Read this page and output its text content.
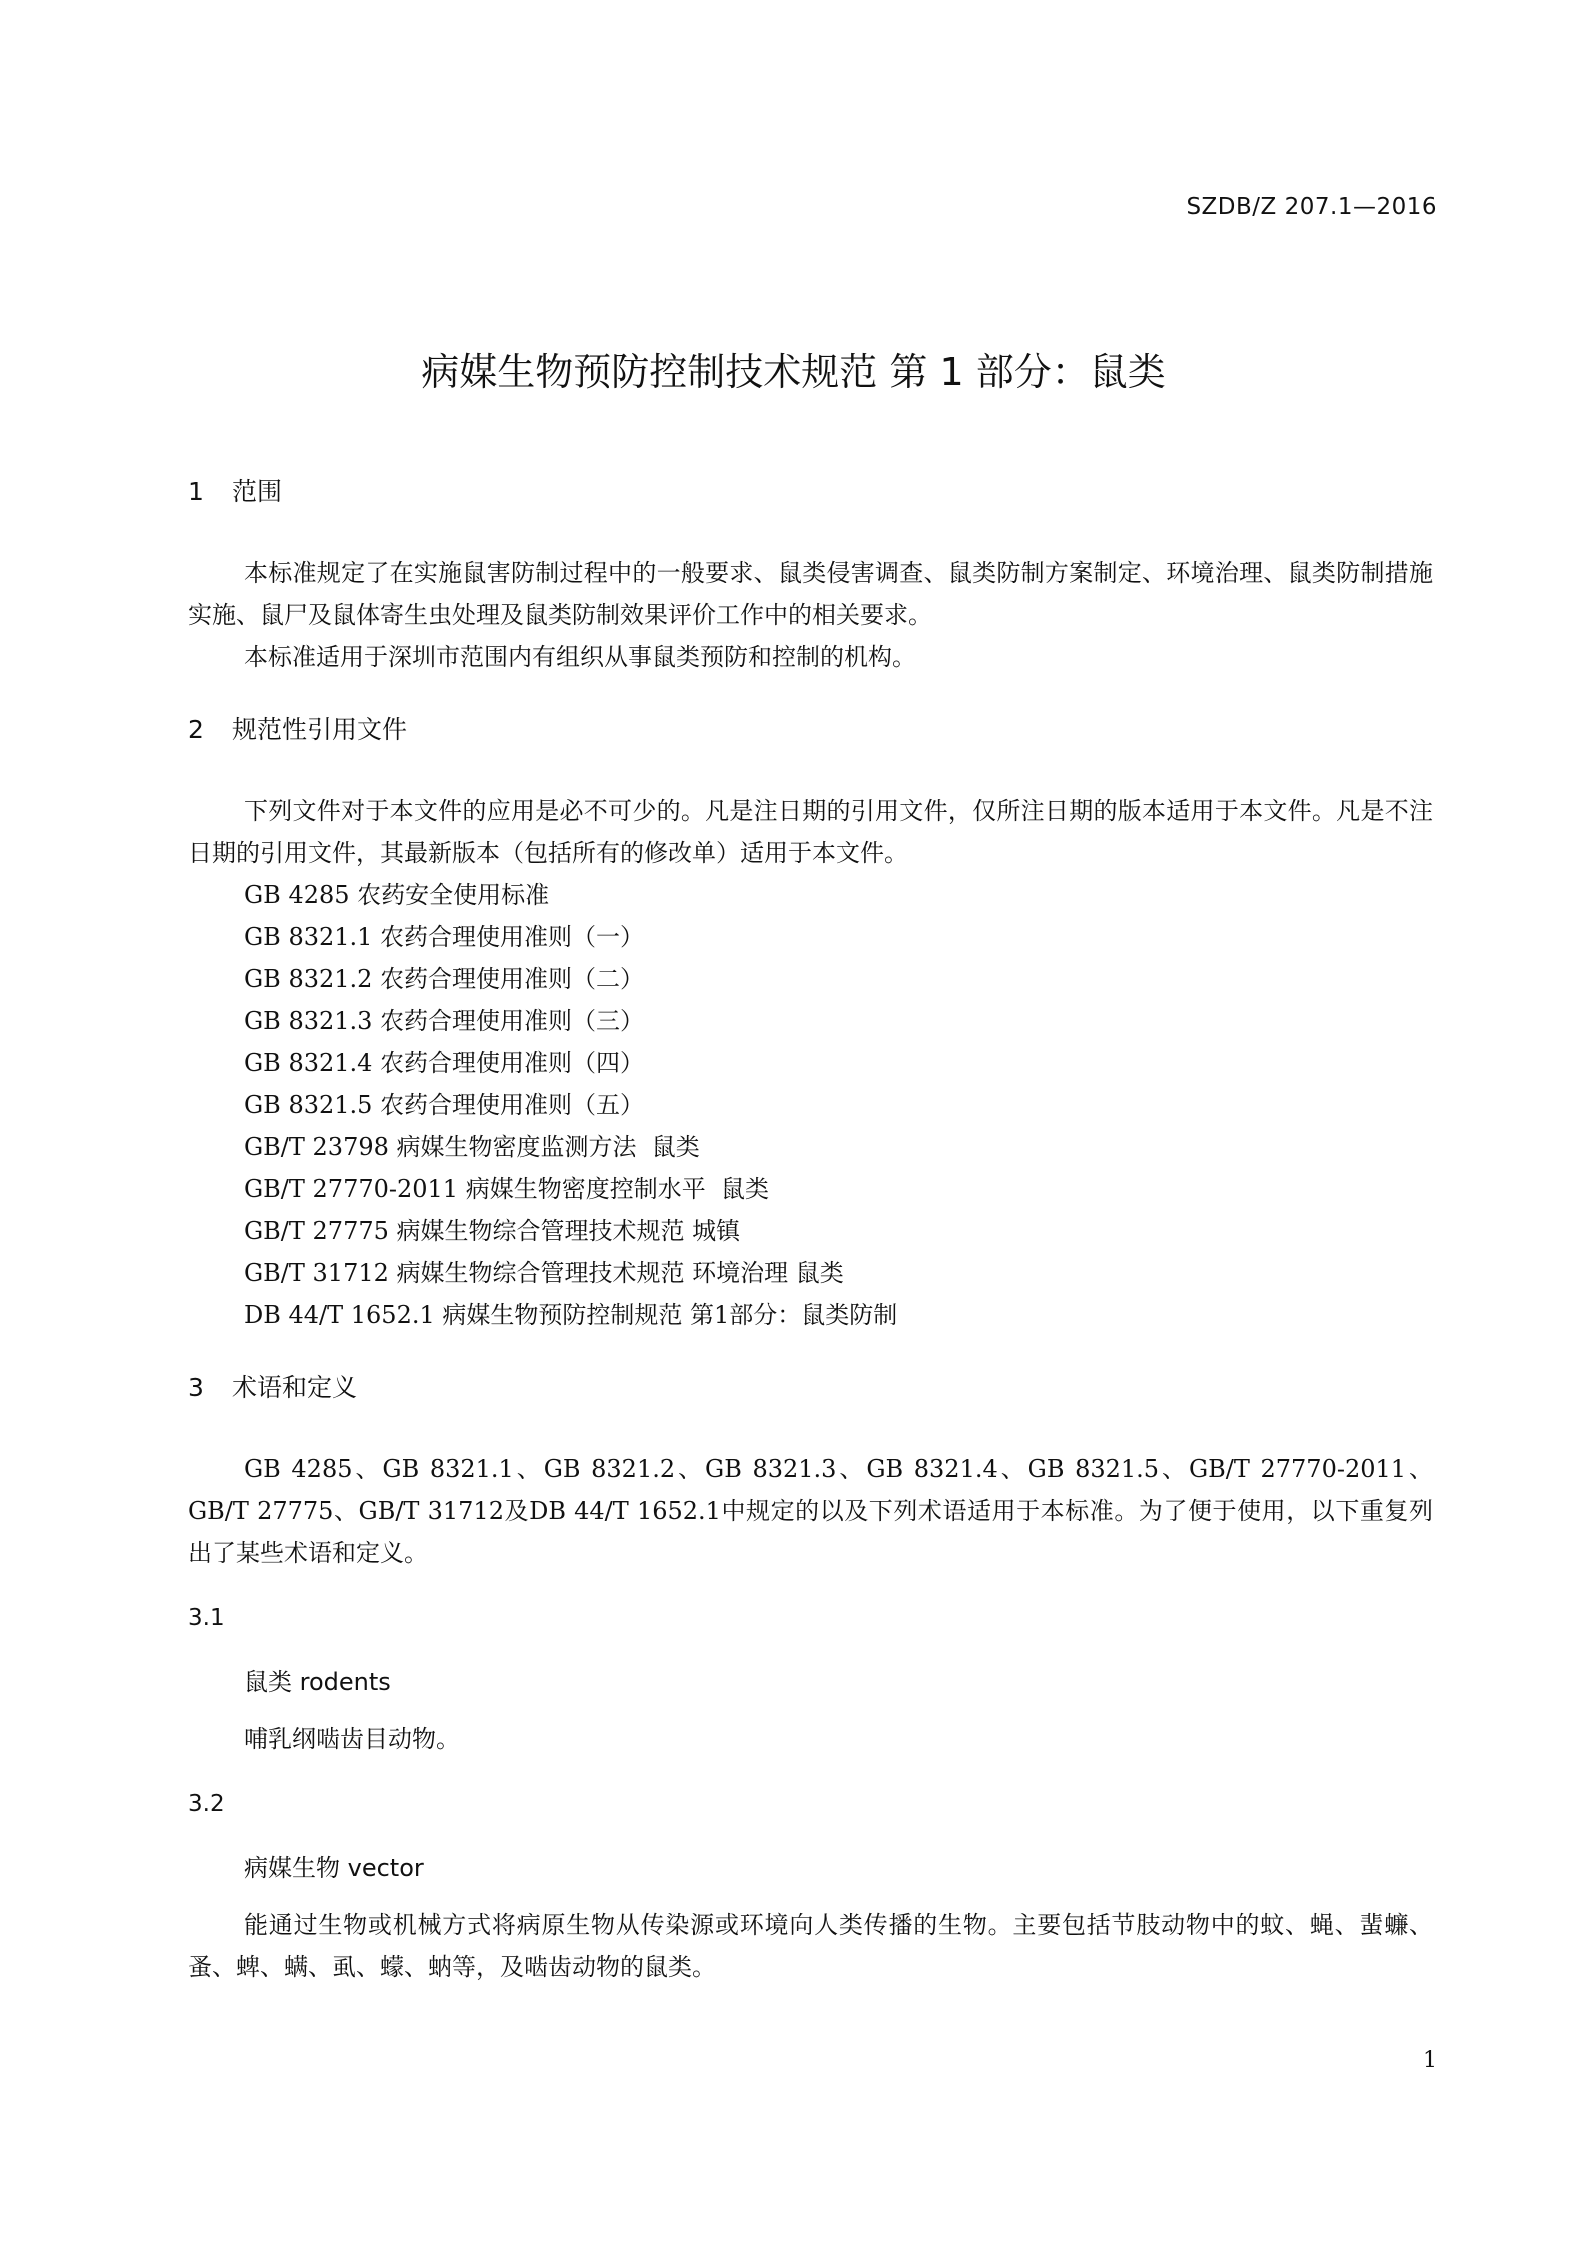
SZDB/Z 207.1—2016
病媒生物预防控制技术规范 第 1 部分：鼠类
1	范围

本标准规定了在实施鼠害防制过程中的一般要求、鼠类侵害调查、鼠类防制方案制定、环境治理、鼠类防制措施实施、鼠尸及鼠体寄生虫处理及鼠类防制效果评价工作中的相关要求。

本标准适用于深圳市范围内有组织从事鼠类预防和控制的机构。

2	规范性引用文件

下列文件对于本文件的应用是必不可少的。凡是注日期的引用文件，仅所注日期的版本适用于本文件。凡是不注日期的引用文件，其最新版本（包括所有的修改单）适用于本文件。

GB 4285 农药安全使用标准

GB 8321.1 农药合理使用准则（一）

GB 8321.2 农药合理使用准则（二）

GB 8321.3 农药合理使用准则（三）

GB 8321.4 农药合理使用准则（四）

GB 8321.5 农药合理使用准则（五）

GB/T 23798 病媒生物密度监测方法  鼠类

GB/T 27770-2011 病媒生物密度控制水平  鼠类

GB/T 27775 病媒生物综合管理技术规范 城镇

GB/T 31712 病媒生物综合管理技术规范 环境治理 鼠类

DB 44/T 1652.1 病媒生物预防控制规范 第1部分：鼠类防制

3	术语和定义

GB 4285、GB 8321.1、GB 8321.2、GB 8321.3、GB 8321.4、GB 8321.5、GB/T 27770-2011、GB/T 27775、GB/T 31712及DB 44/T 1652.1中规定的以及下列术语适用于本标准。为了便于使用，以下重复列出了某些术语和定义。

3.1

鼠类 rodents

哺乳纲啮齿目动物。

3.2

病媒生物 vector

能通过生物或机械方式将病原生物从传染源或环境向人类传播的生物。主要包括节肢动物中的蚊、蝇、蜚蠊、蚤、蜱、螨、虱、蠓、蚋等，及啮齿动物的鼠类。

1
